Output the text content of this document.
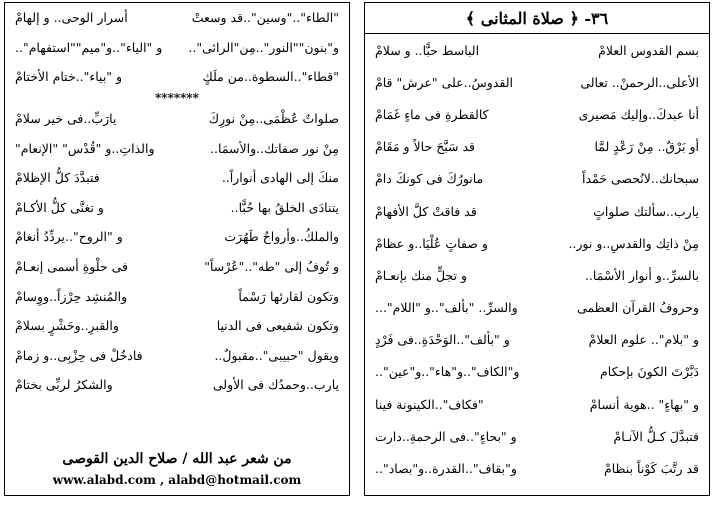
٣٦- ﴿ صلاة المثانى ﴾
بسم القدوس العلامْ
الباسط حبًّا.. و سلامْ
الأعلى..الرحمنْ.. تعالى
القدوسُ..على "عرش" قامْ
أنا عبدكَ..وإليك مَصيرى
كالقطرةِ فى ماءٍ غَمَامْ
أو بَرْقٌ.. مِنْ رَعْدٍ لمَّا
قد سَبَّحَ حالاً و مَقَامْ
سبحانك..لانُحصى حَمْداً
مانورُكَ فى كونكَ دامْ
يارب..سألتك صلواتٍ
قد فاقتْ كلَّ الأفهامْ
مِنْ ذاتِك والقدسِ..و نور..
و صفاتٍ عُلْيَا..و عظامْ
بالسرِّ..و أنوار الأسْمَا..
و تجلٍّ منك بإنعـامْ
وحروفُ القرآن العظمى
والسرِّ.. "بألف"..و "اللام"...
و "بلام".. علوم العلامْ
و "بألف"..الوَحْدَةِ..فى فَرْدٍ
دَبَّرْتَ الكونَ بإحكام
و"الكاف"..و"هاء"..و"عين"..
و "بهاءٍ" ..هوية أنسامْ
"فكاف"..الكينونة فينا
فتبدَّلَ كـلُّ الآنـامْ
و "بحاءٍ"..فى الرحمةِ..دارت
قد رتَّبَ كَوْناً بنظامْ
و"بقاف"..القدرة..و"بصاد"..
"الطاء".."وسين"..قد وسعتْ
أسرار الوحى.. و إلهامْ
و"بنون""النور"..مِن"الرائى"..
و "الياء"..و"ميم""استفهام"..
"قطاء"..السطوة..من ملَكٍ
و "بياء"..ختام الأختامْ
*******
صلواتٌ عُظْمَى..مِنْ نورِكَ
يارَبِّ..فى خير سلامْ
مِنْ نور صفاتك..والأسمَا..
والذاتِ..و "قُدْس" "الإنعام"
منكَ إلى الهادى أنواراً..
فتبدَّدَ كلُّ الإظلامْ
يتنادَى الخلقُ بها حُبًّا..
و تغنَّى كلُّ الأكـامْ
والملكُ..وأرواحٌ طَهُرَت
و "الروح"..يردِّدُ أنغامْ
و تُوفُ إلى "طه".."عُرْساً"
فى حلْوةِ أسمى إنعـامْ
وتكون لقارئها رَسْماً
والمُنشِد حِرْزاً..ووِسامْ
وتكون شفيعى فى الدنيا
والقبرِ..وحَشْرٍ بسلامْ
ويقول "حبيبى"..مقبولٌ..
فادخُلْ فى حِزْبِى..و زمامْ
يارب..وحمدُك فى الأولى
والشكرُ لربِّى بختامْ
من شعر عبد الله / صلاح الدين القوصى
www.alabd.com , alabd@hotmail.com
